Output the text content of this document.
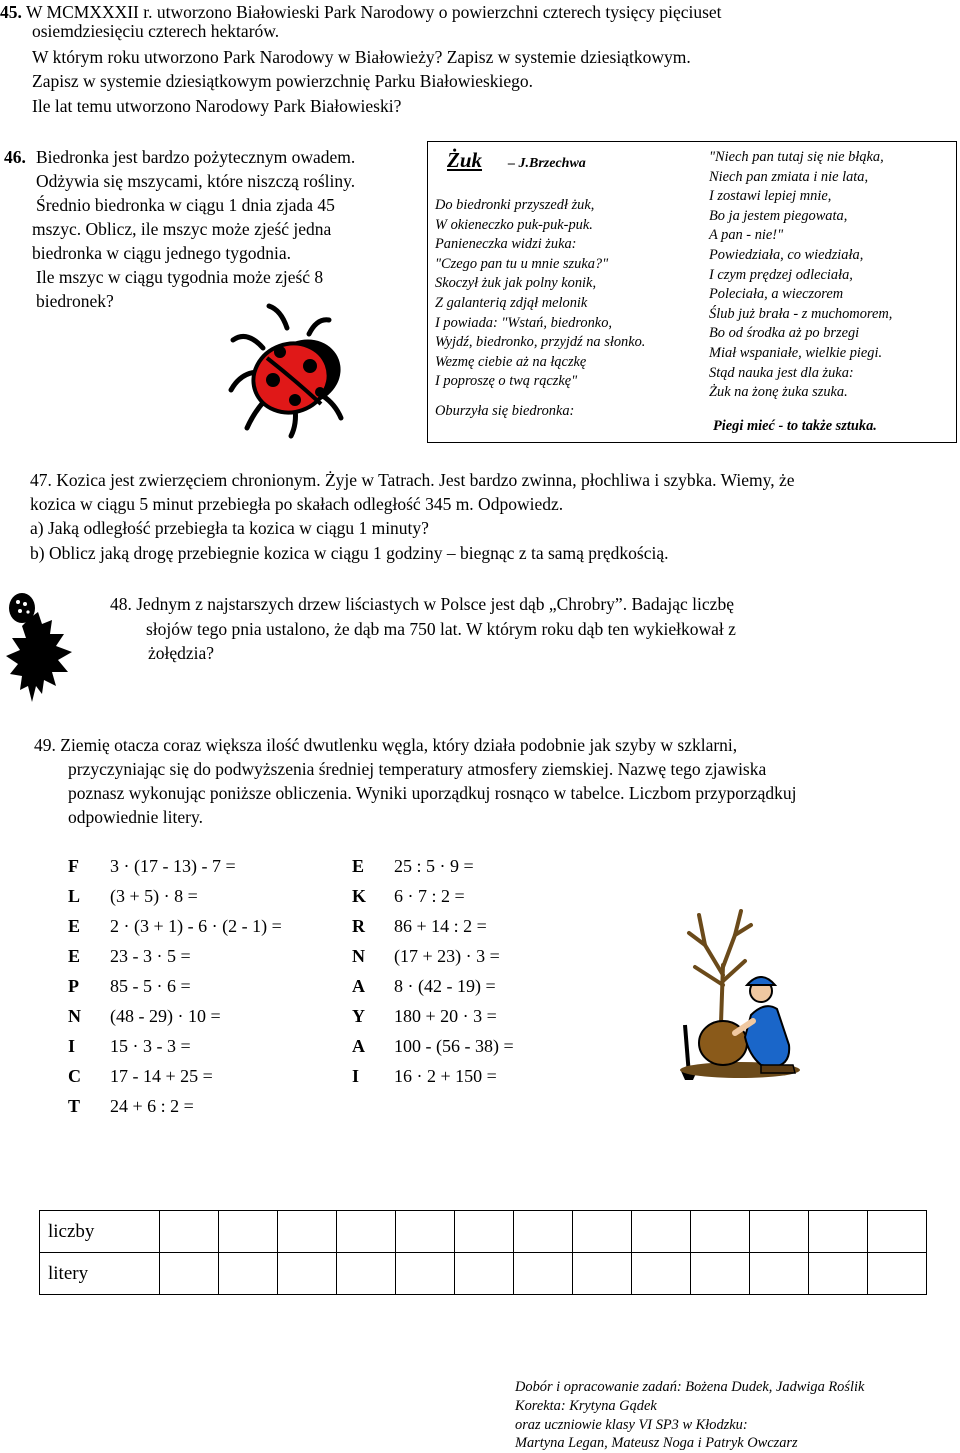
45. W MCMXXXII r. utworzono Białowieski Park Narodowy o powierzchni czterech tysięcy pięciuset
osiemdziesięciu czterech hektarów.
W którym roku utworzono Park Narodowy w Białowieży? Zapisz w systemie dziesiątkowym.
Zapisz w systemie dziesiątkowym powierzchnię Parku Białowieskiego.
Ile lat temu utworzono Narodowy Park Białowieski?
46. Biedronka jest bardzo pożytecznym owadem.
Odżywia się mszycami, które niszczą rośliny.
Średnio biedronka w ciągu 1 dnia zjada 45
mszyc. Oblicz, ile mszyc może zjeść jedna
biedronka w ciągu jednego tygodnia.
Ile mszyc w ciągu tygodnia może zjeść 8
biedronek?
Żuk – J.Brzechwa
Do biedronki przyszedł żuk,
W okieneczko puk-puk-puk.
Panieneczka widzi żuka:
"Czego pan tu u mnie szuka?"
Skoczył żuk jak polny konik,
Z galanterią zdjął melonik
I powiada: "Wstań, biedronko,
Wyjdź, biedronko, przyjdź na słonko.
Wezmę ciebie aż na łączkę
I poproszę o twą rączkę"
Oburzyła się biedronka:
"Niech pan tutaj się nie błąka,
Niech pan zmiata i nie lata,
I zostawi lepiej mnie,
Bo ja jestem piegowata,
A pan - nie!"
Powiedziała, co wiedziała,
I czym prędzej odleciała,
Poleciała, a wieczorem
Ślub już brała - z muchomorem,
Bo od środka aż po brzegi
Miał wspaniałe, wielkie piegi.
Stąd nauka jest dla żuka:
Żuk na żonę żuka szuka.
Piegi mieć - to także sztuka.
47. Kozica jest zwierzęciem chronionym. Żyje w Tatrach. Jest bardzo zwinna, płochliwa i szybka. Wiemy, że
kozica w ciągu 5 minut przebiegła po skałach odległość 345 m. Odpowiedz.
a) Jaką odległość przebiegła ta kozica w ciągu 1 minuty?
b) Oblicz jaką drogę przebiegnie kozica w ciągu 1 godziny – biegnąc z ta samą prędkością.
48. Jednym z najstarszych drzew liściastych w Polsce jest dąb „Chrobry”. Badając liczbę
słojów tego pnia ustalono, że dąb ma 750 lat. W którym roku dąb ten wykiełkował z
żołędzia?
49. Ziemię otacza coraz większa ilość dwutlenku węgla, który działa podobnie jak szyby w szklarni,
przyczyniając się do podwyższenia średniej temperatury atmosfery ziemskiej. Nazwę tego zjawiska
poznasz wykonując poniższe obliczenia. Wyniki uporządkuj rosnąco w tabelce. Liczbom przyporządkuj
odpowiednie litery.
F 3 · (17 - 13) - 7 =
L (3 + 5) · 8 =
E 2 · (3 + 1) - 6 · (2 - 1) =
E 23 - 3 · 5 =
P 85 - 5 · 6 =
N (48 - 29) · 10 =
I 15 · 3 - 3 =
C 17 - 14 + 25 =
T 24 + 6 : 2 =
E 25 : 5 · 9 =
K 6 · 7 : 2 =
R 86 + 14 : 2 =
N (17 + 23) · 3 =
A 8 · (42 - 19) =
Y 180 + 20 · 3 =
A 100 - (56 - 38) =
I 16 · 2 + 150 =
liczby													
litery													
Dobór i opracowanie zadań: Bożena Dudek, Jadwiga Roślik
Korekta: Krytyna Gądek
oraz uczniowie klasy VI SP3 w Kłodzku:
Martyna Legan, Mateusz Noga i Patryk Owczarz
